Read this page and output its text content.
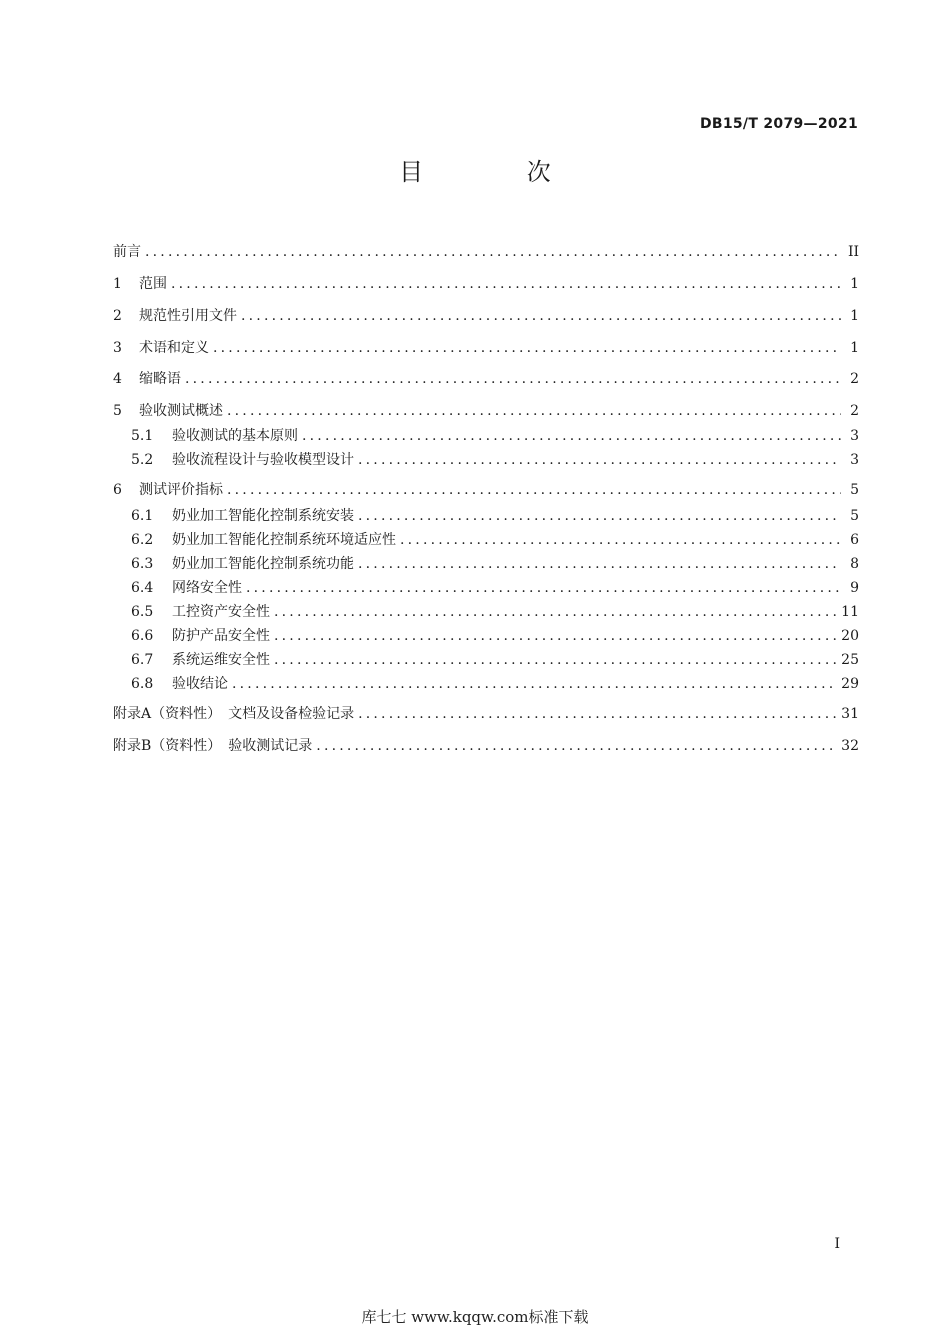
DB15/T 2079—2021
目 次
前言 .....	II
1	范围 .....	1
2	规范性引用文件 .....	1
3	术语和定义 .....	1
4	缩略语 .....	2
5	验收测试概述 .....	2
5.1	验收测试的基本原则 .....	3
5.2	验收流程设计与验收模型设计 .....	3
6	测试评价指标 .....	5
6.1	奶业加工智能化控制系统安装 .....	5
6.2	奶业加工智能化控制系统环境适应性 .....	6
6.3	奶业加工智能化控制系统功能 .....	8
6.4	网络安全性 .....	9
6.5	工控资产安全性 .....	11
6.6	防护产品安全性 .....	20
6.7	系统运维安全性 .....	25
6.8	验收结论 .....	29
附录A（资料性）　文档及设备检验记录 .....	31
附录B（资料性）　验收测试记录 .....	32
I
库七七 www.kqqw.com标准下载
